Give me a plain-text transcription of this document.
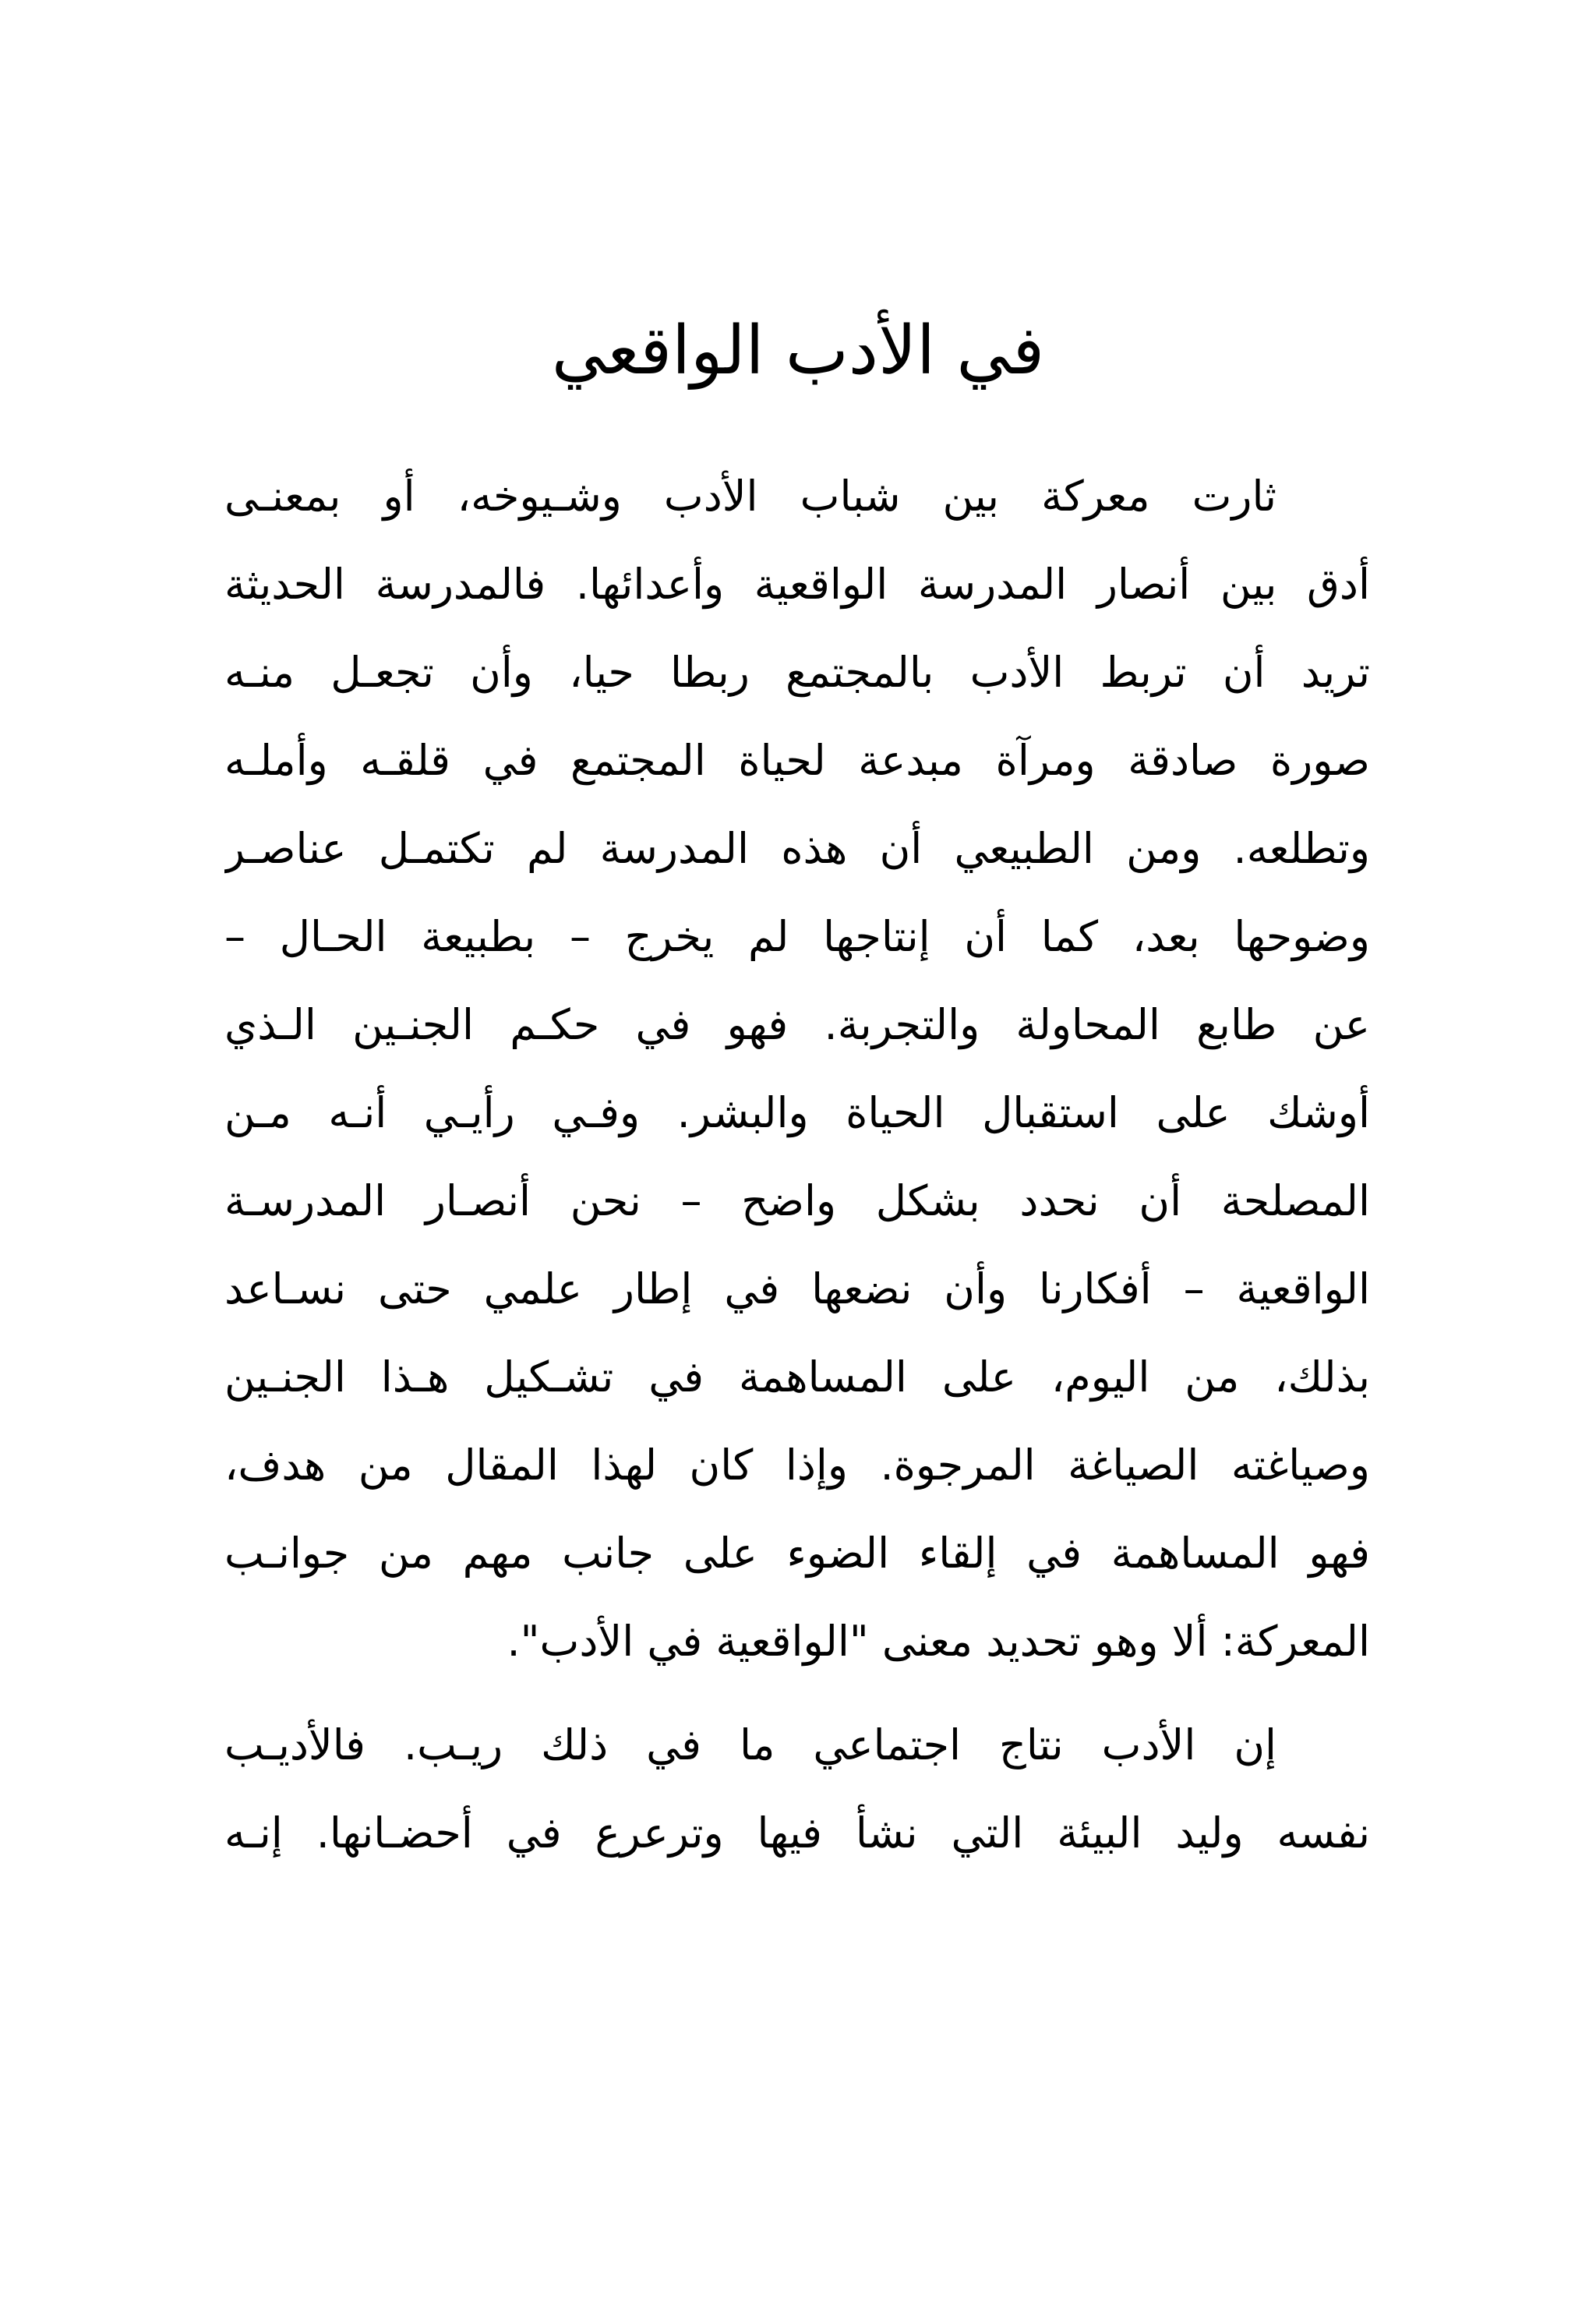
في الأدب الواقعي
ثارت معركة بين شباب الأدب وشـيوخه، أو بمعنـى
أدق بين أنصار المدرسة الواقعية وأعدائها. فالمدرسة الحديثة
تريد أن تربط الأدب بالمجتمع ربطا حيا، وأن تجعـل منـه
صورة صادقة ومرآة مبدعة لحياة المجتمع في قلقـه وأملـه
وتطلعه. ومن الطبيعي أن هذه المدرسة لم تكتمـل عناصـر
وضوحها بعد، كما أن إنتاجها لم يخرج – بطبيعة الحـال –
عن طابع المحاولة والتجربة. فهو في حكـم الجنـين الـذي
أوشك على استقبال الحياة والبشر. وفـي رأيـي أنـه مـن
المصلحة أن نحدد بشكل واضح – نحن أنصـار المدرسـة
الواقعية – أفكارنا وأن نضعها في إطار علمي حتى نسـاعد
بذلك، من اليوم، على المساهمة في تشـكيل هـذا الجنـين
وصياغته الصياغة المرجوة. وإذا كان لهذا المقال من هدف،
فهو المساهمة في إلقاء الضوء على جانب مهم من جوانـب
المعركة: ألا وهو تحديد معنى "الواقعية في الأدب".
إن الأدب نتاج اجتماعي ما في ذلك ريـب. فالأديـب
نفسه وليد البيئة التي نشأ فيها وترعرع في أحضـانها. إنـه
